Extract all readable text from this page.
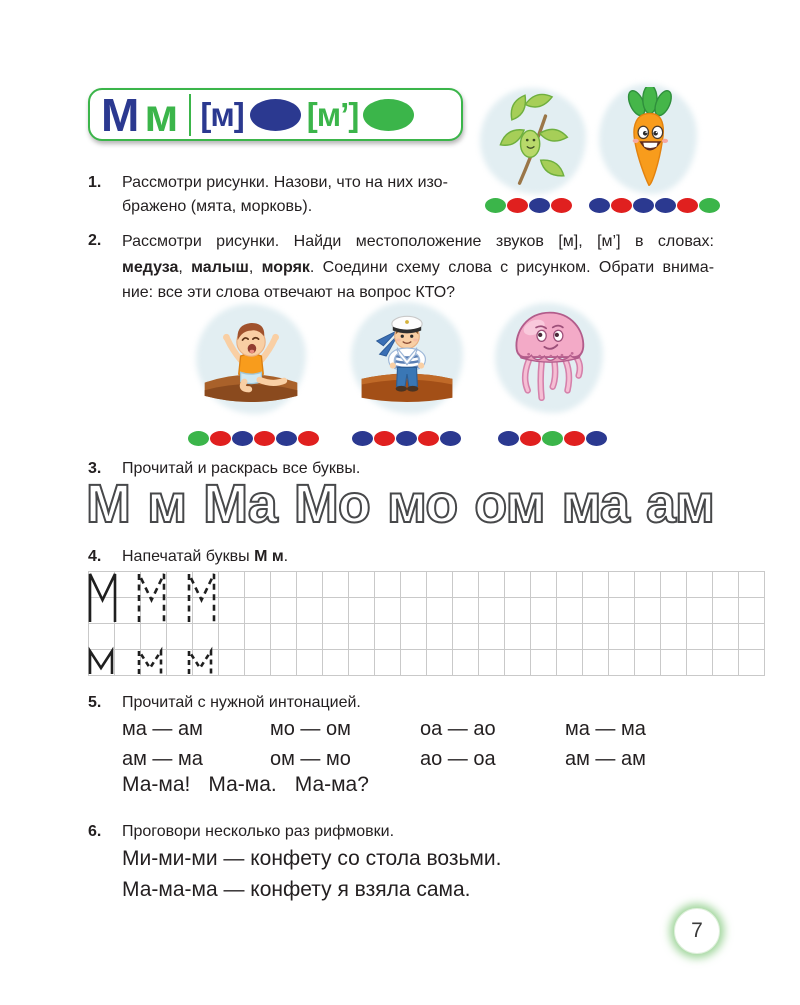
М м [м] [м’]
1. Рассмотри рисунки. Назови, что на них изо-
бражено (мята, морковь).
2. Рассмотри рисунки. Найди местоположение звуков [м], [м’] в словах:
медуза, малыш, моряк. Соедини схему слова с рисунком. Обрати внима-
ние: все эти слова отвечают на вопрос КТО?
3. Прочитай и раскрась все буквы.
М м Ма Мо мо ом ма ам
4. Напечатай буквы М м.
5. Прочитай с нужной интонацией.
ма — ам	мо — ом	оа — ао	ма — ма
ам — ма	ом — мо	ао — оа	ам — ам
Ма-ма! Ма-ма. Ма-ма?
6. Проговори несколько раз рифмовки.
Ми-ми-ми — конфету со стола возьми.
Ма-ма-ма — конфету я взяла сама.
7
